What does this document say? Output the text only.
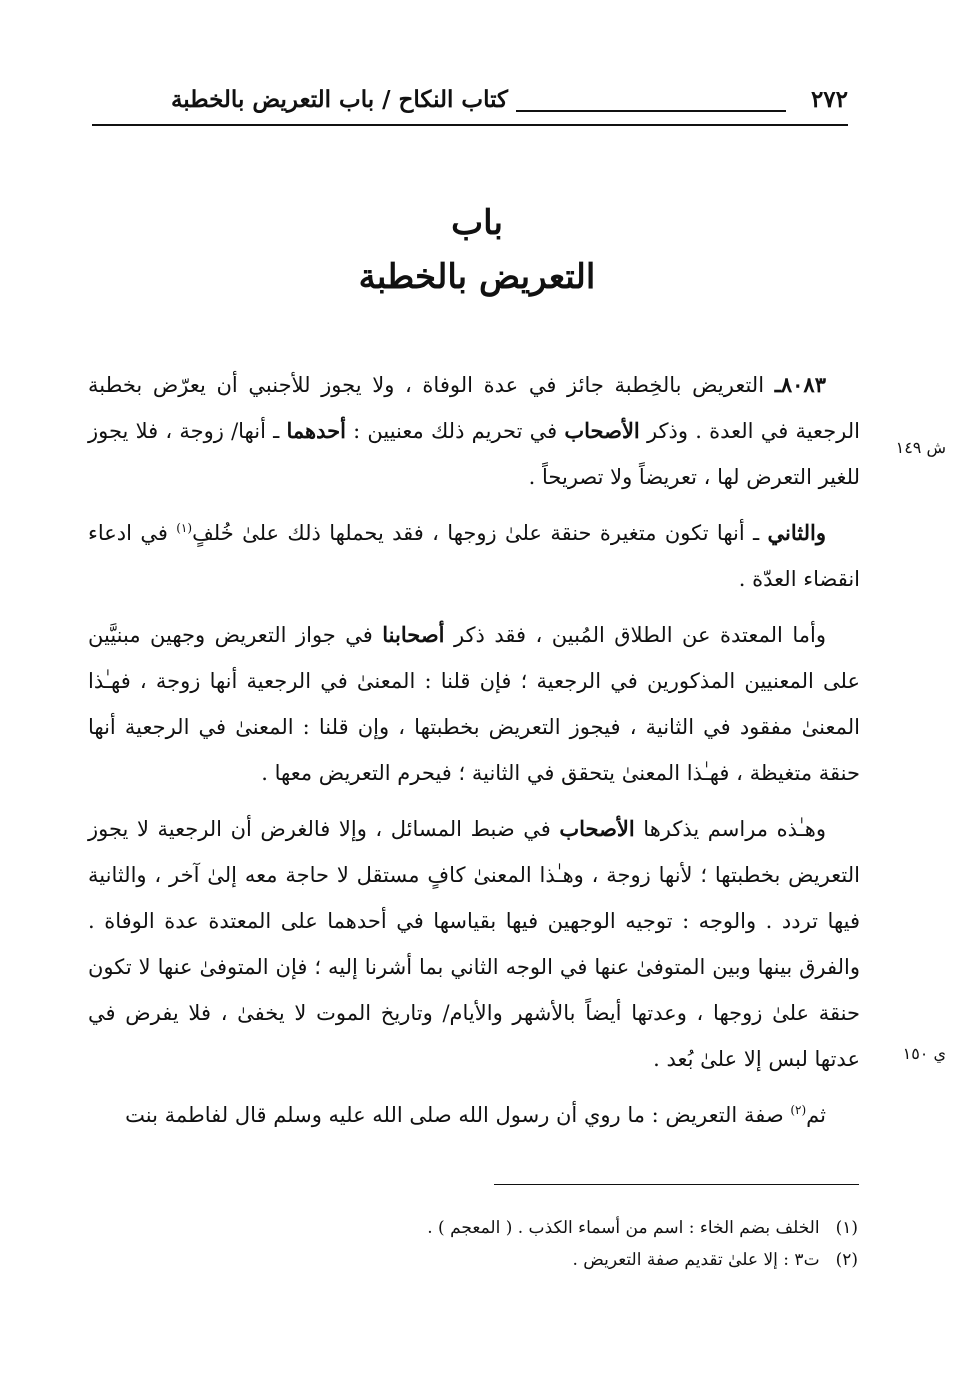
٢٧٢
كتاب النكاح / باب التعريض بالخطبة
باب
التعريض بالخطبة
ش ١٤٩
ي ١٥٠

٨٠٨٣ـ التعريض بالخِطبة جائز في عدة الوفاة ، ولا يجوز للأجنبي أن يعرّض بخطبة الرجعية في العدة . وذكر الأصحاب في تحريم ذلك معنيين : أحدهما ـ أنها/ زوجة ، فلا يجوز للغير التعرض لها ، تعريضاً ولا تصريحاً .

والثاني ـ أنها تكون متغيرة حنقة علىٰ زوجها ، فقد يحملها ذلك علىٰ خُلفٍ$^{(١)}$ في ادعاء انقضاء العدّة .

وأما المعتدة عن الطلاق المُبين ، فقد ذكر أصحابنا في جواز التعريض وجهين مبنيَّين على المعنيين المذكورين في الرجعية ؛ فإن قلنا : المعنىٰ في الرجعية أنها زوجة ، فهـٰذا المعنىٰ مفقود في الثانية ، فيجوز التعريض بخطبتها ، وإن قلنا : المعنىٰ في الرجعية أنها حنقة متغيظة ، فهـٰذا المعنىٰ يتحقق في الثانية ؛ فيحرم التعريض معها .

وهـٰذه مراسم يذكرها الأصحاب في ضبط المسائل ، وإلا فالغرض أن الرجعية لا يجوز التعريض بخطبتها ؛ لأنها زوجة ، وهـٰذا المعنىٰ كافٍ مستقل لا حاجة معه إلىٰ آخر ، والثانية فيها تردد . والوجه : توجيه الوجهين فيها بقياسها في أحدهما على المعتدة عدة الوفاة . والفرق بينها وبين المتوفىٰ عنها في الوجه الثاني بما أشرنا إليه ؛ فإن المتوفىٰ عنها لا تكون حنقة علىٰ زوجها ، وعدتها أيضاً بالأشهر والأيام/ وتاريخ الموت لا يخفىٰ ، فلا يفرض في عدتها لبس إلا علىٰ بُعد .

ثم$^{(٢)}$ صفة التعريض : ما روي أن رسول الله صلى الله عليه وسلم قال لفاطمة بنت

(١)
الخلف بضم الخاء : اسم من أسماء الكذب . ( المعجم ) .
(٢)
ت٣ : إلا علىٰ تقديم صفة التعريض .
